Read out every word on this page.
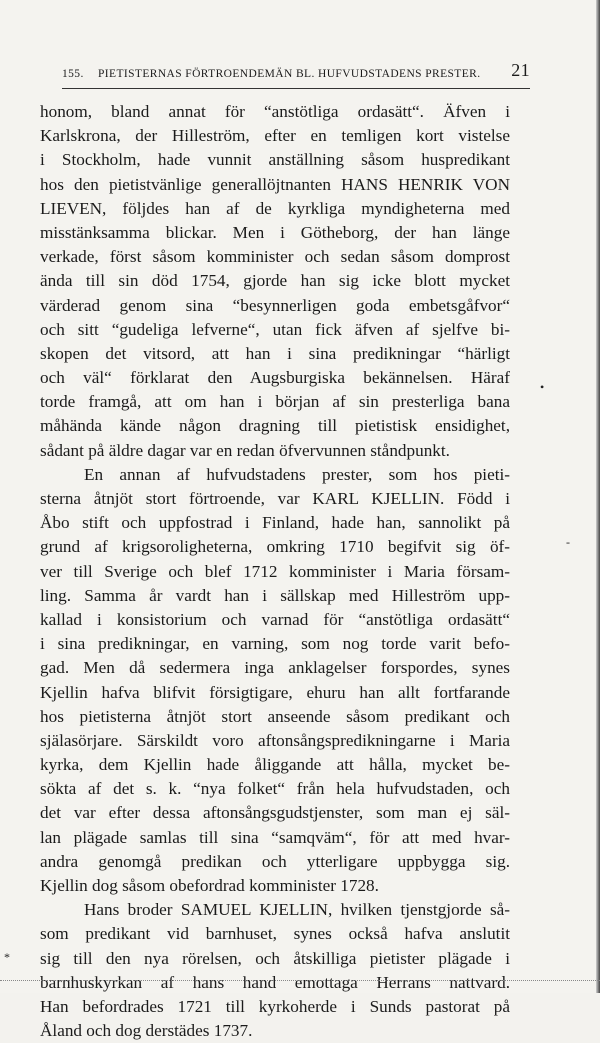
155. PIETISTERNAS FÖRTROENDEMÄN BL. HUFVUDSTADENS PRESTER. 21
honom, bland annat för “anstötliga ordasätt“. Äfven i
Karlskrona, der Hilleström, efter en temligen kort vistelse
i Stockholm, hade vunnit anställning såsom huspredikant
hos den pietistvänlige generallöjtnanten HANS HENRIK VON
LIEVEN, följdes han af de kyrkliga myndigheterna med
misstänksamma blickar. Men i Götheborg, der han länge
verkade, först såsom komminister och sedan såsom domprost
ända till sin död 1754, gjorde han sig icke blott mycket
värderad genom sina “besynnerligen goda embetsgåfvor“
och sitt “gudeliga lefverne“, utan fick äfven af sjelfve bi-
skopen det vitsord, att han i sina predikningar “härligt
och väl“ förklarat den Augsburgiska bekännelsen. Häraf
torde framgå, att om han i början af sin presterliga bana
måhända kände någon dragning till pietistisk ensidighet,
sådant på äldre dagar var en redan öfvervunnen ståndpunkt.
En annan af hufvudstadens prester, som hos pieti-
sterna åtnjöt stort förtroende, var KARL KJELLIN. Född i
Åbo stift och uppfostrad i Finland, hade han, sannolikt på
grund af krigsoroligheterna, omkring 1710 begifvit sig öf-
ver till Sverige och blef 1712 komminister i Maria försam-
ling. Samma år vardt han i sällskap med Hilleström upp-
kallad i konsistorium och varnad för “anstötliga ordasätt“
i sina predikningar, en varning, som nog torde varit befo-
gad. Men då sedermera inga anklagelser forspordes, synes
Kjellin hafva blifvit försigtigare, ehuru han allt fortfarande
hos pietisterna åtnjöt stort anseende såsom predikant och
själasörjare. Särskildt voro aftonsångspredikningarne i Maria
kyrka, dem Kjellin hade åliggande att hålla, mycket be-
sökta af det s. k. “nya folket“ från hela hufvudstaden, och
det var efter dessa aftonsångsgudstjenster, som man ej säl-
lan plägade samlas till sina “samqväm“, för att med hvar-
andra genomgå predikan och ytterligare uppbygga sig.
Kjellin dog såsom obefordrad komminister 1728.
Hans broder SAMUEL KJELLIN, hvilken tjenstgjorde så-
som predikant vid barnhuset, synes också hafva anslutit
sig till den nya rörelsen, och åtskilliga pietister plägade i
barnhuskyrkan af hans hand emottaga Herrans nattvard.
Han befordrades 1721 till kyrkoherde i Sunds pastorat på
Åland och dog derstädes 1737.
•
‐
*
